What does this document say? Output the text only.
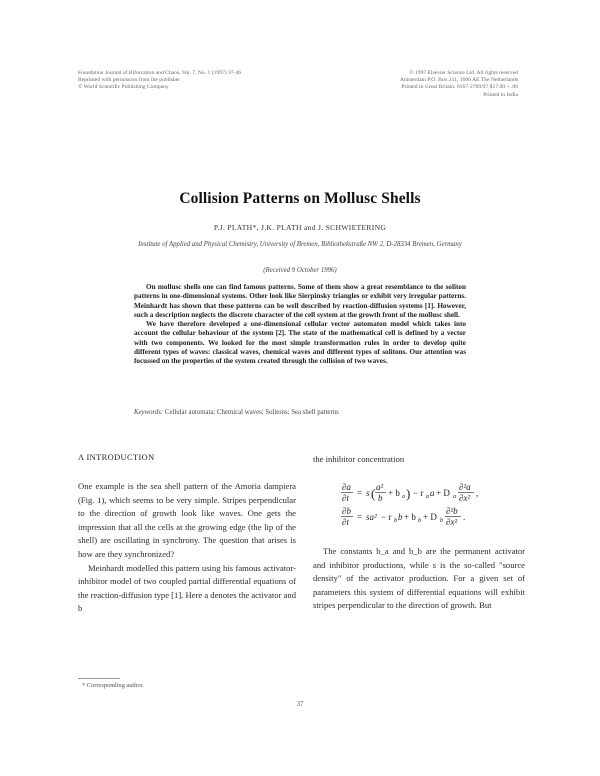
Foundation Journal of Bifurcation and Chaos, Vol. 7, No. 1 (1997) 37-46
Reprinted with permission from the publisher
© World Scientific Publishing Company
© 1997 Elsevier Science Ltd. All rights reserved
Amsterdam P.O. Box 211, 1000 AE The Netherlands
Printed in Great Britain. 0167-2789/97 $17.00 + .00
Printed in India
Collision Patterns on Mollusc Shells
P.J. PLATH*, J.K. PLATH and J. SCHWIETERING
Institute of Applied and Physical Chemistry, University of Bremen, Bibliothekstraße NW 2, D-28334 Bremen, Germany
(Received 9 October 1996)

On mollusc shells one can find famous patterns. Some of them show a great resemblance to the soliton patterns in one-dimensional systems. Other look like Sierpinsky triangles or exhibit very irregular patterns. Meinhardt has shown that these patterns can be well described by reaction-diffusion systems [1]. However, such a description neglects the discrete character of the cell system at the growth front of the mollusc shell.

We have therefore developed a one-dimensional cellular vector automaton model which takes into account the cellular behaviour of the system [2]. The state of the mathematical cell is defined by a vector with two components. We looked for the most simple transformation rules in order to develop quite different types of waves: classical waves, chemical waves and different types of solitons. Our attention was focussed on the properties of the system created through the collision of two waves.

Keywords: Cellular automata; Chemical waves; Solitons; Sea shell patterns
A INTRODUCTION

One example is the sea shell pattern of the Amoria dampiera (Fig. 1), which seems to be very simple. Stripes perpendicular to the direction of growth look like waves. One gets the impression that all the cells at the growing edge (the lip of the shell) are oscillating in synchrony. The question that arises is how are they synchronized?

Meinhardt modelled this pattern using his famous activator-inhibitor model of two coupled partial differential equations of the reaction-diffusion type [1]. Here a denotes the activator and b

the inhibitor concentration

∂a
∂t = s ( a²
b + b a ) − r a a + D a
∂²a
∂x² ,
∂b
∂t = sa² − r b b + b b + D b
∂²b
∂x² .

The constants b_a and b_b are the permanent activator and inhibitor productions, while s is the so-called "source density" of the activator production. For a given set of parameters this system of differential equations will exhibit stripes perpendicular to the direction of growth. But

* Corresponding author.
37
